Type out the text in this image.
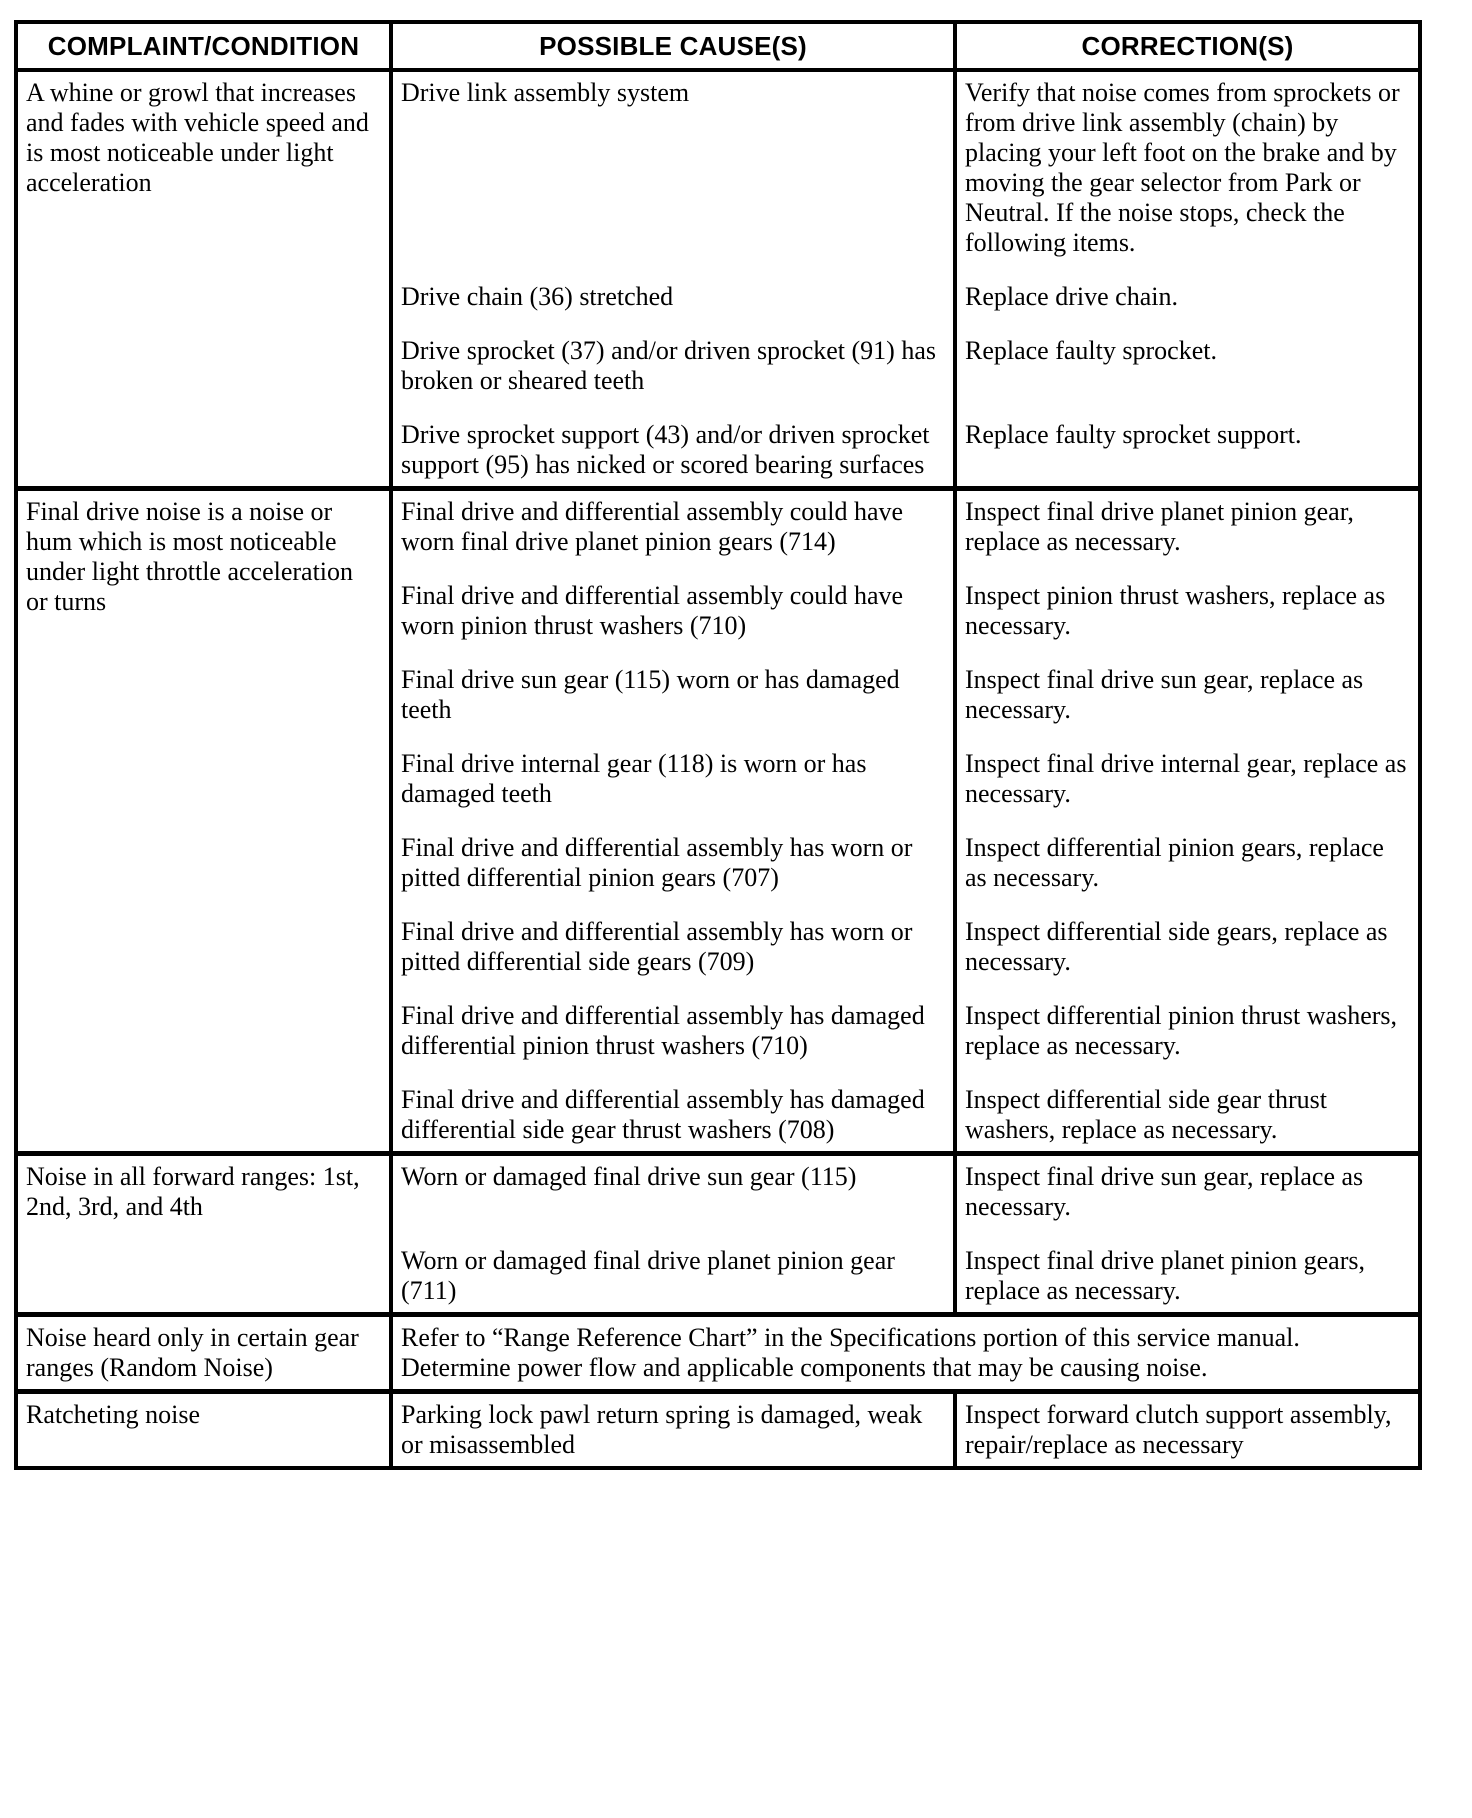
COMPLAINT/CONDITION	POSSIBLE CAUSE(S)	CORRECTION(S)
A whine or growl that increases and fades with vehicle speed and is most noticeable under light acceleration	Drive link assembly system	Verify that noise comes from sprockets or from drive link assembly (chain) by placing your left foot on the brake and by moving the gear selector from Park or Neutral. If the noise stops, check the following items.
	Drive chain (36) stretched	Replace drive chain.
	Drive sprocket (37) and/or driven sprocket (91) has broken or sheared teeth	Replace faulty sprocket.
	Drive sprocket support (43) and/or driven sprocket support (95) has nicked or scored bearing surfaces	Replace faulty sprocket support.
Final drive noise is a noise or hum which is most noticeable under light throttle acceleration or turns	Final drive and differential assembly could have worn final drive planet pinion gears (714)	Inspect final drive planet pinion gear, replace as necessary.
	Final drive and differential assembly could have worn pinion thrust washers (710)	Inspect pinion thrust washers, replace as necessary.
	Final drive sun gear (115) worn or has damaged teeth	Inspect final drive sun gear, replace as necessary.
	Final drive internal gear (118) is worn or has damaged teeth	Inspect final drive internal gear, replace as necessary.
	Final drive and differential assembly has worn or pitted differential pinion gears (707)	Inspect differential pinion gears, replace as necessary.
	Final drive and differential assembly has worn or pitted differential side gears (709)	Inspect differential side gears, replace as necessary.
	Final drive and differential assembly has damaged differential pinion thrust washers (710)	Inspect differential pinion thrust washers, replace as necessary.
	Final drive and differential assembly has damaged differential side gear thrust washers (708)	Inspect differential side gear thrust washers, replace as necessary.
Noise in all forward ranges: 1st, 2nd, 3rd, and 4th	Worn or damaged final drive sun gear (115)	Inspect final drive sun gear, replace as necessary.
	Worn or damaged final drive planet pinion gear (711)	Inspect final drive planet pinion gears, replace as necessary.
Noise heard only in certain gear ranges (Random Noise)	Refer to “Range Reference Chart” in the Specifications portion of this service manual. Determine power flow and applicable components that may be causing noise.	
Ratcheting noise	Parking lock pawl return spring is damaged, weak or misassembled	Inspect forward clutch support assembly, repair/replace as necessary
